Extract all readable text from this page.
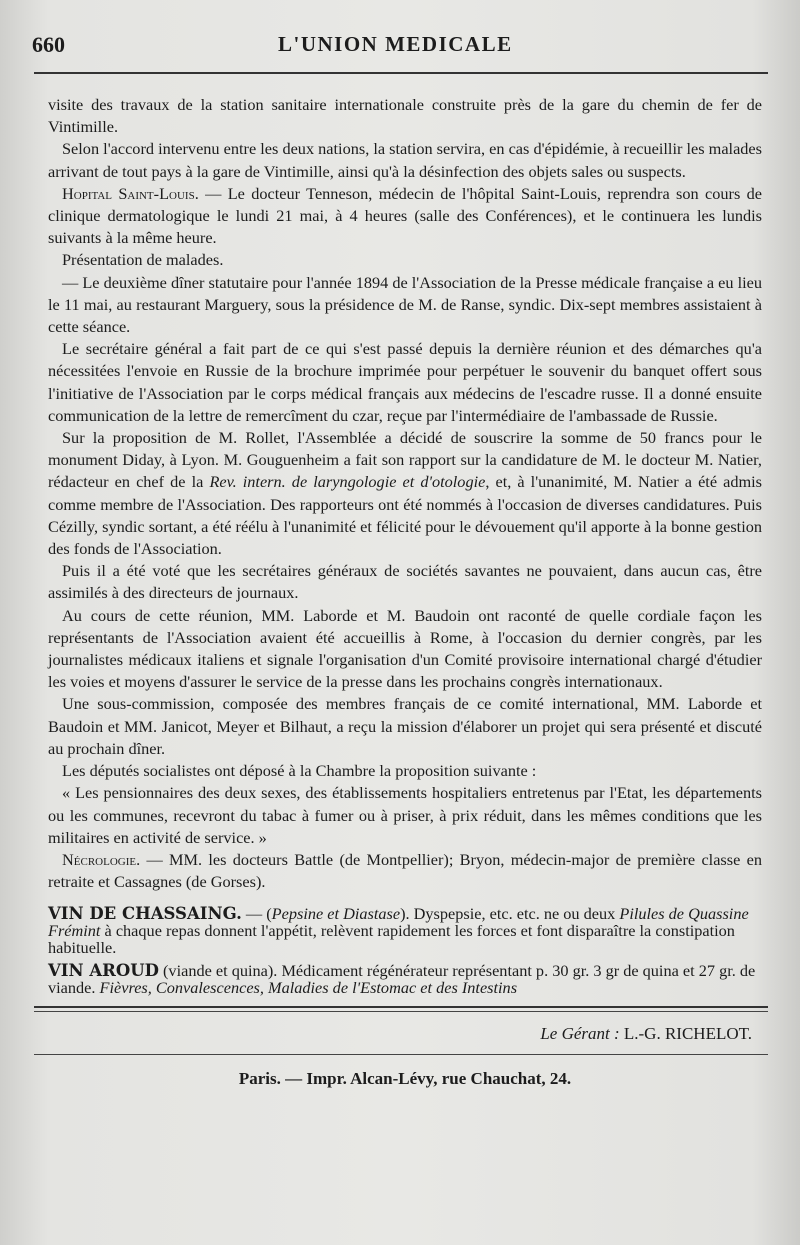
660	L'UNION MEDICALE

visite des travaux de la station sanitaire internationale construite près de la gare du chemin de fer de Vintimille.

Selon l'accord intervenu entre les deux nations, la station servira, en cas d'épidémie, à recueillir les malades arrivant de tout pays à la gare de Vintimille, ainsi qu'à la désinfection des objets sales ou suspects.

Hopital Saint-Louis. — Le docteur Tenneson, médecin de l'hôpital Saint-Louis, reprendra son cours de clinique dermatologique le lundi 21 mai, à 4 heures (salle des Conférences), et le continuera les lundis suivants à la même heure.

Présentation de malades.

— Le deuxième dîner statutaire pour l'année 1894 de l'Association de la Presse médicale française a eu lieu le 11 mai, au restaurant Marguery, sous la présidence de M. de Ranse, syndic. Dix-sept membres assistaient à cette séance.

Le secrétaire général a fait part de ce qui s'est passé depuis la dernière réunion et des démarches qu'a nécessitées l'envoie en Russie de la brochure imprimée pour perpétuer le souvenir du banquet offert sous l'initiative de l'Association par le corps médical français aux médecins de l'escadre russe. Il a donné ensuite communication de la lettre de remercîment du czar, reçue par l'intermédiaire de l'ambassade de Russie.

Sur la proposition de M. Rollet, l'Assemblée a décidé de souscrire la somme de 50 francs pour le monument Diday, à Lyon. M. Gouguenheim a fait son rapport sur la candidature de M. le docteur M. Natier, rédacteur en chef de la Rev. intern. de laryngologie et d'otologie, et, à l'unanimité, M. Natier a été admis comme membre de l'Association. Des rapporteurs ont été nommés à l'occasion de diverses candidatures. Puis Cézilly, syndic sortant, a été réélu à l'unanimité et félicité pour le dévouement qu'il apporte à la bonne gestion des fonds de l'Association.

Puis il a été voté que les secrétaires généraux de sociétés savantes ne pouvaient, dans aucun cas, être assimilés à des directeurs de journaux.

Au cours de cette réunion, MM. Laborde et M. Baudoin ont raconté de quelle cordiale façon les représentants de l'Association avaient été accueillis à Rome, à l'occasion du dernier congrès, par les journalistes médicaux italiens et signale l'organisation d'un Comité provisoire international chargé d'étudier les voies et moyens d'assurer le service de la presse dans les prochains congrès internationaux.

Une sous-commission, composée des membres français de ce comité international, MM. Laborde et Baudoin et MM. Janicot, Meyer et Bilhaut, a reçu la mission d'élaborer un projet qui sera présenté et discuté au prochain dîner.

Les députés socialistes ont déposé à la Chambre la proposition suivante :

« Les pensionnaires des deux sexes, des établissements hospitaliers entretenus par l'Etat, les départements ou les communes, recevront du tabac à fumer ou à priser, à prix réduit, dans les mêmes conditions que les militaires en activité de service. »

Nécrologie. — MM. les docteurs Battle (de Montpellier); Bryon, médecin-major de première classe en retraite et Cassagnes (de Gorses).

VIN DE CHASSAING. — (Pepsine et Diastase). Dyspepsie, etc. etc. ne ou deux Pilules de Quassine Frémint à chaque repas donnent l'appétit, relèvent rapidement les forces et font disparaître la constipation habituelle.

VIN AROUD (viande et quina). Médicament régénérateur représentant p. 30 gr. 3 gr de quina et 27 gr. de viande. Fièvres, Convalescences, Maladies de l'Estomac et des Intestins

Le Gérant : L.-G. RICHELOT.
Paris. — Impr. Alcan-Lévy, rue Chauchat, 24.
